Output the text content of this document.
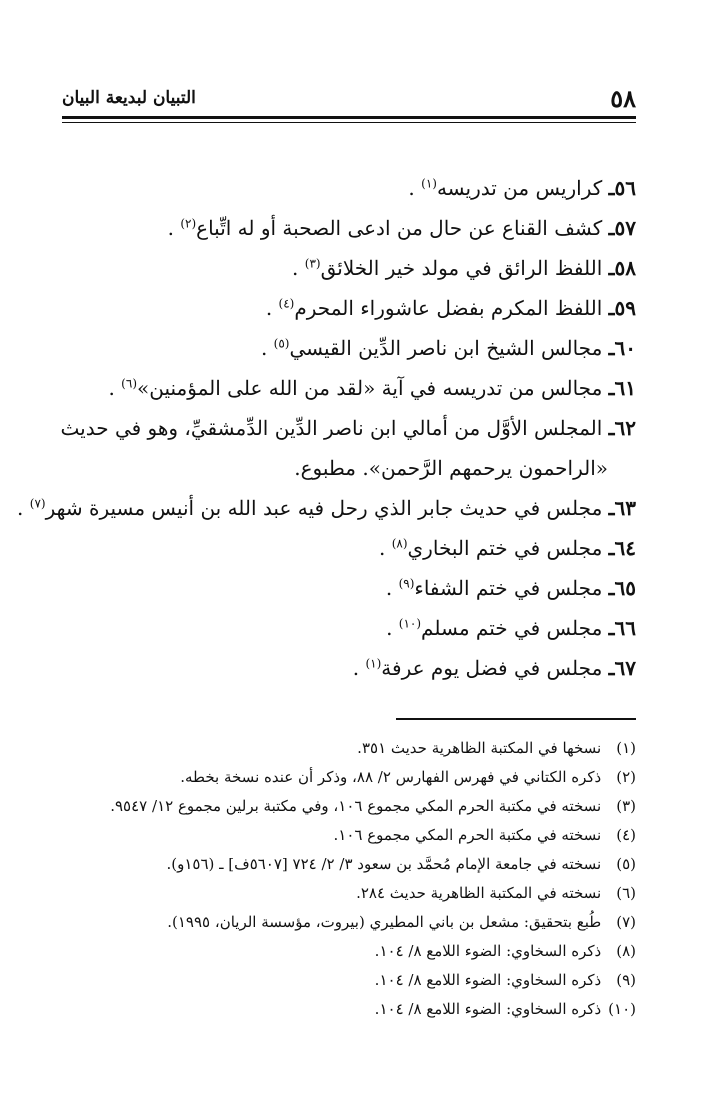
٥٨
التبيان لبديعة البيان
٥٦ـ كراريس من تدريسه$^{(١)}$ .
٥٧ـ كشف القناع عن حال من ادعى الصحبة أو له اتِّباع$^{(٢)}$ .
٥٨ـ اللفظ الرائق في مولد خير الخلائق$^{(٣)}$ .
٥٩ـ اللفظ المكرم بفضل عاشوراء المحرم$^{(٤)}$ .
٦٠ـ مجالس الشيخ ابن ناصر الدِّين القيسي$^{(٥)}$ .
٦١ـ مجالس من تدريسه في آية «لقد من الله على المؤمنين»$^{(٦)}$ .
٦٢ـ المجلس الأوَّل من أمالي ابن ناصر الدِّين الدِّمشقيِّ، وهو في حديث
«الراحمون يرحمهم الرَّحمن». مطبوع.
٦٣ـ مجلس في حديث جابر الذي رحل فيه عبد الله بن أنيس مسيرة شهر$^{(٧)}$ .
٦٤ـ مجلس في ختم البخاري$^{(٨)}$ .
٦٥ـ مجلس في ختم الشفاء$^{(٩)}$ .
٦٦ـ مجلس في ختم مسلم$^{(١٠)}$ .
٦٧ـ مجلس في فضل يوم عرفة$^{(١)}$ .
(١) نسخها في المكتبة الظاهرية حديث ٣٥١.
(٢) ذكره الكتاني في فهرس الفهارس ٢/ ٨٨، وذكر أن عنده نسخة بخطه.
(٣) نسخته في مكتبة الحرم المكي مجموع ١٠٦، وفي مكتبة برلين مجموع ١٢/ ٩٥٤٧.
(٤) نسخته في مكتبة الحرم المكي مجموع ١٠٦.
(٥) نسخته في جامعة الإمام مُحمَّد بن سعود ٣/ ٢/ ٧٢٤ [٥٦٠٧ف] ـ (١٥٦و).
(٦) نسخته في المكتبة الظاهرية حديث ٢٨٤.
(٧) طُبع بتحقيق: مشعل بن باني المطيري (بيروت، مؤسسة الريان، ١٩٩٥).
(٨) ذكره السخاوي: الضوء اللامع ٨/ ١٠٤.
(٩) ذكره السخاوي: الضوء اللامع ٨/ ١٠٤.
(١٠) ذكره السخاوي: الضوء اللامع ٨/ ١٠٤.
